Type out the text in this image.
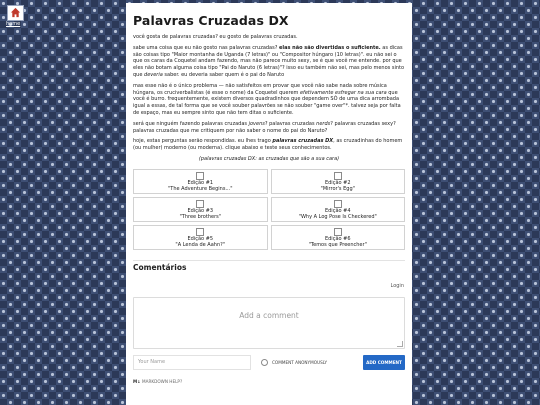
home	Palavras Cruzadas DX

você gosta de palavras cruzadas? eu gosto de palavras cruzadas.

sabe uma coisa que eu não gosto nas palavras cruzadas? elas não são divertidas o suficiente. as dicas são coisas tipo "Maior montanha de Uganda (7 letras)" ou "Compositor húngaro (10 letras)". eu não sei o que os caras da Coquetel andam fazendo, mas não parece muito sexy, se é que você me entende. por que eles não botam alguma coisa tipo "Pai do Naruto (6 letras)"? isso eu também não sei, mas pelo menos sinto que deveria saber. eu deveria saber quem é o pai do Naruto

mas esse não é o único problema — não satisfeitos em provar que você não sabe nada sobre música húngara, os cruciverbalistas (é esse o nome) da Coquetel querem efetivamente esfregar na sua cara que você é burro. frequentemente, existem diversos quadradinhos que dependem SÓ de uma dica arrombada igual a essas, de tal forma que se você souber palavrões se não souber "game over"*. talvez seja por falta de espaço, mas eu sempre sinto que não tem ditas o suficiente.

será que ninguém fazendo palavras cruzadas jovens? palavras cruzadas nerds? palavras cruzadas sexy? palavras cruzadas que me critiquem por não saber o nome do pai do Naruto?

hoje, estas perguntas serão respondidas. eu lhes trago palavras cruzadas DX, as cruzadinhas do homem (ou mulher) moderno (ou moderna). clique abaixo e teste seus conhecimentos.

(palavras cruzadas DX: as cruzadas que são a sua cara)

Edição #1
"The Adventure Begins..."

Edição #2
"Mirror's Egg"

Edição #3
"Three brothers"

Edição #4
"Why A Log Pose Is Checkered"

Edição #5
"A Lenda de Aahn?"

Edição #6
"Temos que Preencher"
Comentários
Login
Add a comment
Your Name	COMMENT ANONYMOUSLY	ADD COMMENT
M↓ MARKDOWN HELP?
